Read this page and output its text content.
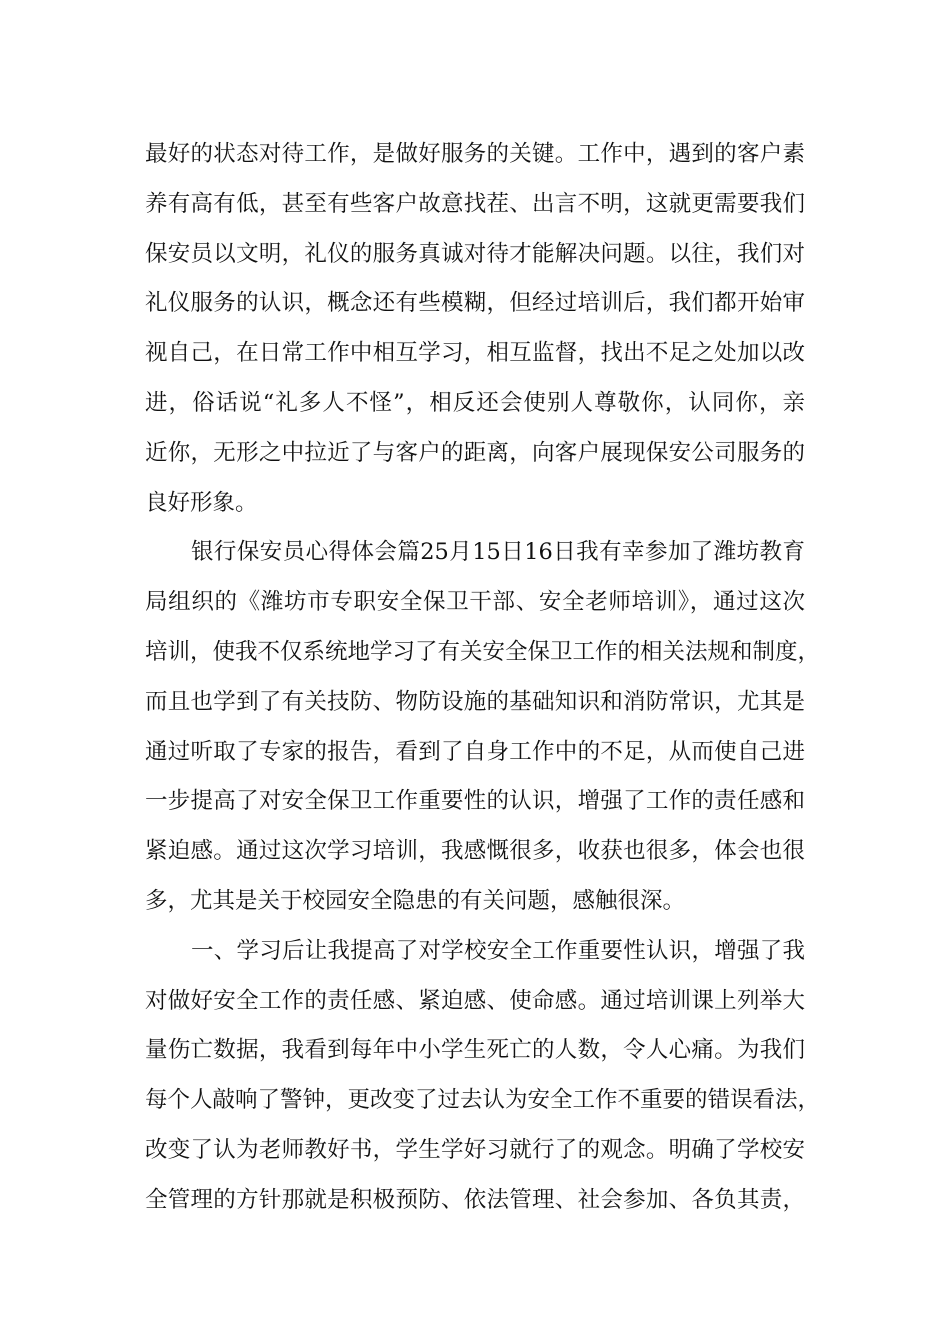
最好的状态对待工作，是做好服务的关键。工作中，遇到的客户素
养有高有低，甚至有些客户故意找茬、出言不明，这就更需要我们
保安员以文明，礼仪的服务真诚对待才能解决问题。以往，我们对
礼仪服务的认识，概念还有些模糊，但经过培训后，我们都开始审
视自己，在日常工作中相互学习，相互监督，找出不足之处加以改
进，俗话说“礼多人不怪”，相反还会使别人尊敬你，认同你，亲
近你，无形之中拉近了与客户的距离，向客户展现保安公司服务的
良好形象。
银行保安员心得体会篇25月15日16日我有幸参加了潍坊教育
局组织的《潍坊市专职安全保卫干部、安全老师培训》，通过这次
培训，使我不仅系统地学习了有关安全保卫工作的相关法规和制度，
而且也学到了有关技防、物防设施的基础知识和消防常识，尤其是
通过听取了专家的报告，看到了自身工作中的不足，从而使自己进
一步提高了对安全保卫工作重要性的认识，增强了工作的责任感和
紧迫感。通过这次学习培训，我感慨很多，收获也很多，体会也很
多，尤其是关于校园安全隐患的有关问题，感触很深。
一、学习后让我提高了对学校安全工作重要性认识，增强了我
对做好安全工作的责任感、紧迫感、使命感。通过培训课上列举大
量伤亡数据，我看到每年中小学生死亡的人数，令人心痛。为我们
每个人敲响了警钟，更改变了过去认为安全工作不重要的错误看法，
改变了认为老师教好书，学生学好习就行了的观念。明确了学校安
全管理的方针那就是积极预防、依法管理、社会参加、各负其责，
